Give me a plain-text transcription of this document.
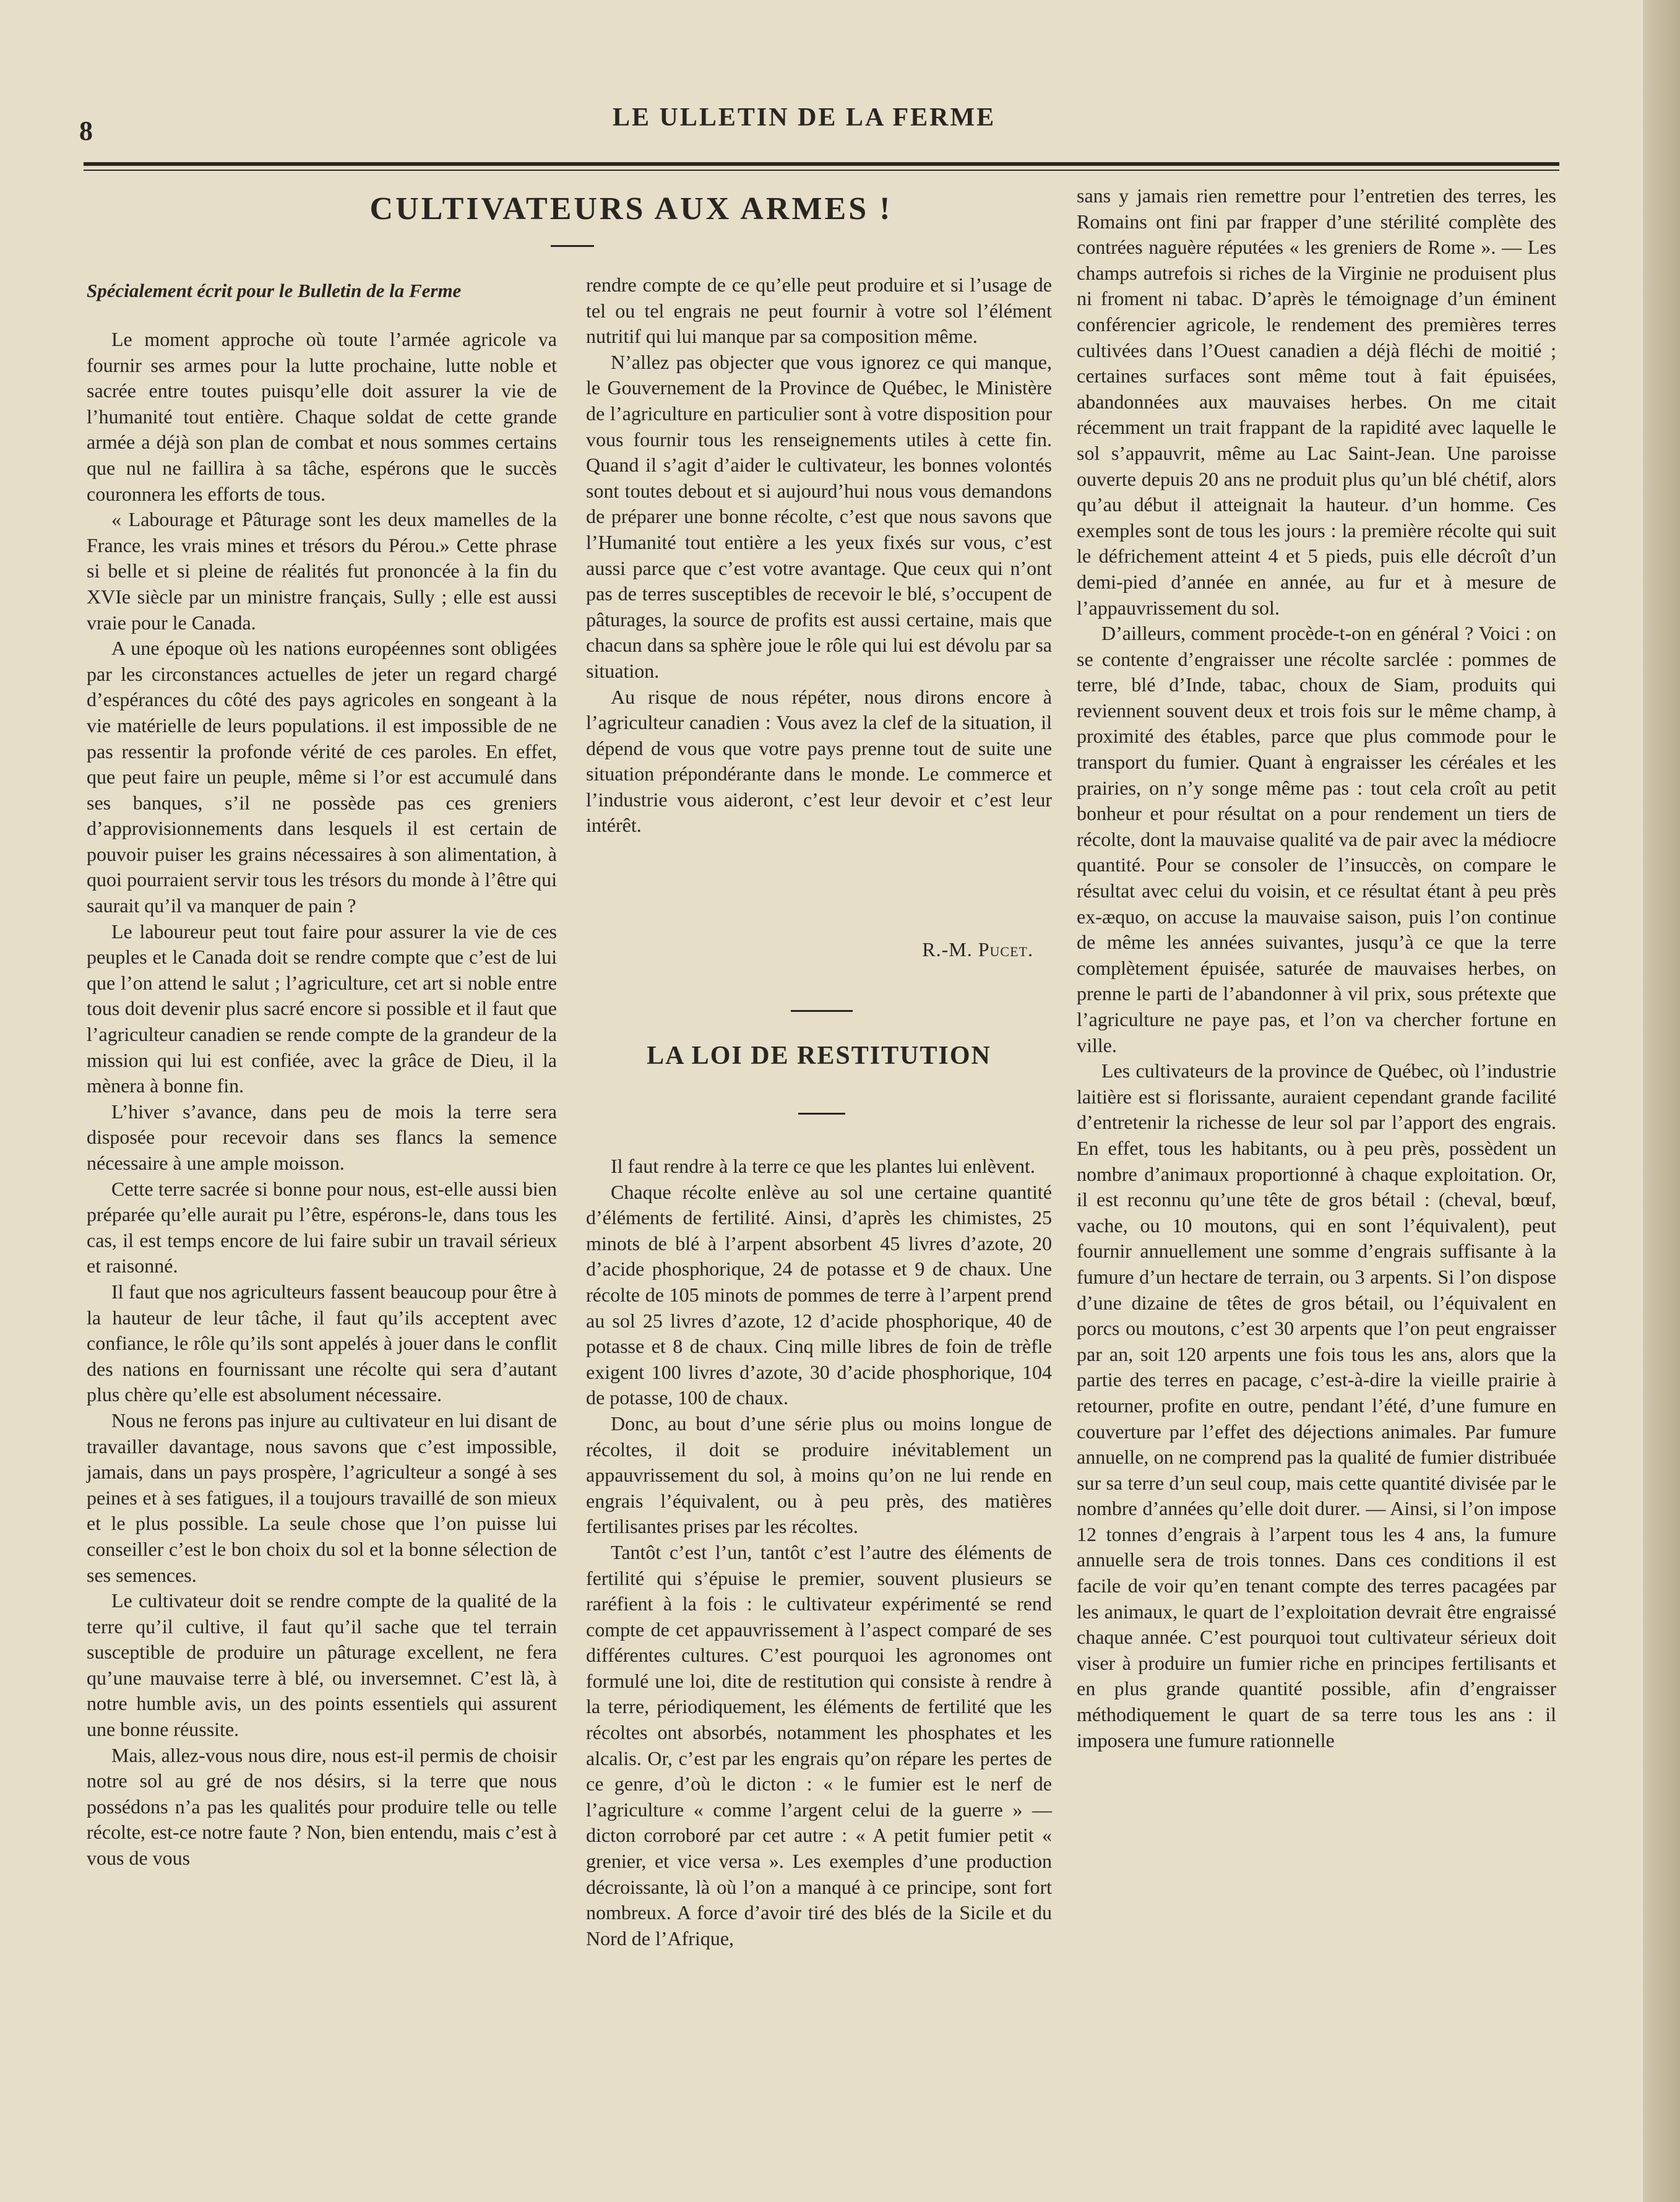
8	LE ULLETIN DE LA FERME
CULTIVATEURS AUX ARMES !
Spécialement écrit pour le Bulletin de la Ferme

Le moment approche où toute l’armée agricole va fournir ses armes pour la lutte prochaine, lutte noble et sacrée entre toutes puisqu’elle doit assurer la vie de l’humanité tout entière. Chaque soldat de cette grande armée a déjà son plan de combat et nous sommes certains que nul ne faillira à sa tâche, espérons que le succès couronnera les efforts de tous.

« Labourage et Pâturage sont les deux mamelles de la France, les vrais mines et trésors du Pérou.» Cette phrase si belle et si pleine de réalités fut prononcée à la fin du XVIe siècle par un ministre français, Sully ; elle est aussi vraie pour le Canada.

A une époque où les nations européennes sont obligées par les circonstances actuelles de jeter un regard chargé d’espérances du côté des pays agricoles en songeant à la vie matérielle de leurs populations. il est impossible de ne pas ressentir la profonde vérité de ces paroles. En effet, que peut faire un peuple, même si l’or est accumulé dans ses banques, s’il ne possède pas ces greniers d’approvisionnements dans lesquels il est certain de pouvoir puiser les grains nécessaires à son alimentation, à quoi pourraient servir tous les trésors du monde à l’être qui saurait qu’il va manquer de pain ?

Le laboureur peut tout faire pour assurer la vie de ces peuples et le Canada doit se rendre compte que c’est de lui que l’on attend le salut ; l’agriculture, cet art si noble entre tous doit devenir plus sacré encore si possible et il faut que l’agriculteur canadien se rende compte de la grandeur de la mission qui lui est confiée, avec la grâce de Dieu, il la mènera à bonne fin.

L’hiver s’avance, dans peu de mois la terre sera disposée pour recevoir dans ses flancs la semence nécessaire à une ample moisson.

Cette terre sacrée si bonne pour nous, est-elle aussi bien préparée qu’elle aurait pu l’être, espérons-le, dans tous les cas, il est temps encore de lui faire subir un travail sérieux et raisonné.

Il faut que nos agriculteurs fassent beaucoup pour être à la hauteur de leur tâche, il faut qu’ils acceptent avec confiance, le rôle qu’ils sont appelés à jouer dans le conflit des nations en fournissant une récolte qui sera d’autant plus chère qu’elle est absolument nécessaire.

Nous ne ferons pas injure au cultivateur en lui disant de travailler davantage, nous savons que c’est impossible, jamais, dans un pays prospère, l’agriculteur a songé à ses peines et à ses fatigues, il a toujours travaillé de son mieux et le plus possible. La seule chose que l’on puisse lui conseiller c’est le bon choix du sol et la bonne sélection de ses semences.

Le cultivateur doit se rendre compte de la qualité de la terre qu’il cultive, il faut qu’il sache que tel terrain susceptible de produire un pâturage excellent, ne fera qu’une mauvaise terre à blé, ou inversemnet. C’est là, à notre humble avis, un des points essentiels qui assurent une bonne réussite.

Mais, allez-vous nous dire, nous est-il permis de choisir notre sol au gré de nos désirs, si la terre que nous possédons n’a pas les qualités pour produire telle ou telle récolte, est-ce notre faute ? Non, bien entendu, mais c’est à vous de vous

rendre compte de ce qu’elle peut produire et si l’usage de tel ou tel engrais ne peut fournir à votre sol l’élément nutritif qui lui manque par sa composition même.

N’allez pas objecter que vous ignorez ce qui manque, le Gouvernement de la Province de Québec, le Ministère de l’agriculture en particulier sont à votre disposition pour vous fournir tous les renseignements utiles à cette fin. Quand il s’agit d’aider le cultivateur, les bonnes volontés sont toutes debout et si aujourd’hui nous vous demandons de préparer une bonne récolte, c’est que nous savons que l’Humanité tout entière a les yeux fixés sur vous, c’est aussi parce que c’est votre avantage. Que ceux qui n’ont pas de terres susceptibles de recevoir le blé, s’occupent de pâturages, la source de profits est aussi certaine, mais que chacun dans sa sphère joue le rôle qui lui est dévolu par sa situation.

Au risque de nous répéter, nous dirons encore à l’agriculteur canadien : Vous avez la clef de la situation, il dépend de vous que votre pays prenne tout de suite une situation prépondérante dans le monde. Le commerce et l’industrie vous aideront, c’est leur devoir et c’est leur intérêt.

R.-M. Pucet.
LA LOI DE RESTITUTION

Il faut rendre à la terre ce que les plantes lui enlèvent.

Chaque récolte enlève au sol une certaine quantité d’éléments de fertilité. Ainsi, d’après les chimistes, 25 minots de blé à l’arpent absorbent 45 livres d’azote, 20 d’acide phosphorique, 24 de potasse et 9 de chaux. Une récolte de 105 minots de pommes de terre à l’arpent prend au sol 25 livres d’azote, 12 d’acide phosphorique, 40 de potasse et 8 de chaux. Cinq mille libres de foin de trèfle exigent 100 livres d’azote, 30 d’acide phosphorique, 104 de potasse, 100 de chaux.

Donc, au bout d’une série plus ou moins longue de récoltes, il doit se produire inévitablement un appauvrissement du sol, à moins qu’on ne lui rende en engrais l’équivalent, ou à peu près, des matières fertilisantes prises par les récoltes.

Tantôt c’est l’un, tantôt c’est l’autre des éléments de fertilité qui s’épuise le premier, souvent plusieurs se raréfient à la fois : le cultivateur expérimenté se rend compte de cet appauvrissement à l’aspect comparé de ses différentes cultures. C’est pourquoi les agronomes ont formulé une loi, dite de restitution qui consiste à rendre à la terre, périodiquement, les éléments de fertilité que les récoltes ont absorbés, notamment les phosphates et les alcalis. Or, c’est par les engrais qu’on répare les pertes de ce genre, d’où le dicton : « le fumier est le nerf de l’agriculture « comme l’argent celui de la guerre » — dicton corroboré par cet autre : « A petit fumier petit « grenier, et vice versa ». Les exemples d’une production décroissante, là où l’on a manqué à ce principe, sont fort nombreux. A force d’avoir tiré des blés de la Sicile et du Nord de l’Afrique,

sans y jamais rien remettre pour l’entretien des terres, les Romains ont fini par frapper d’une stérilité complète des contrées naguère réputées « les greniers de Rome ». — Les champs autrefois si riches de la Virginie ne produisent plus ni froment ni tabac. D’après le témoignage d’un éminent conférencier agricole, le rendement des premières terres cultivées dans l’Ouest canadien a déjà fléchi de moitié ; certaines surfaces sont même tout à fait épuisées, abandonnées aux mauvaises herbes. On me citait récemment un trait frappant de la rapidité avec laquelle le sol s’appauvrit, même au Lac Saint-Jean. Une paroisse ouverte depuis 20 ans ne produit plus qu’un blé chétif, alors qu’au début il atteignait la hauteur. d’un homme. Ces exemples sont de tous les jours : la première récolte qui suit le défrichement atteint 4 et 5 pieds, puis elle décroît d’un demi-pied d’année en année, au fur et à mesure de l’appauvrissement du sol.

D’ailleurs, comment procède-t-on en général ? Voici : on se contente d’engraisser une récolte sarclée : pommes de terre, blé d’Inde, tabac, choux de Siam, produits qui reviennent souvent deux et trois fois sur le même champ, à proximité des étables, parce que plus commode pour le transport du fumier. Quant à engraisser les céréales et les prairies, on n’y songe même pas : tout cela croît au petit bonheur et pour résultat on a pour rendement un tiers de récolte, dont la mauvaise qualité va de pair avec la médiocre quantité. Pour se consoler de l’insuccès, on compare le résultat avec celui du voisin, et ce résultat étant à peu près ex-æquo, on accuse la mauvaise saison, puis l’on continue de même les années suivantes, jusqu’à ce que la terre complètement épuisée, saturée de mauvaises herbes, on prenne le parti de l’abandonner à vil prix, sous prétexte que l’agriculture ne paye pas, et l’on va chercher fortune en ville.

Les cultivateurs de la province de Québec, où l’industrie laitière est si florissante, auraient cependant grande facilité d’entretenir la richesse de leur sol par l’apport des engrais. En effet, tous les habitants, ou à peu près, possèdent un nombre d’animaux proportionné à chaque exploitation. Or, il est reconnu qu’une tête de gros bétail : (cheval, bœuf, vache, ou 10 moutons, qui en sont l’équivalent), peut fournir annuellement une somme d’engrais suffisante à la fumure d’un hectare de terrain, ou 3 arpents. Si l’on dispose d’une dizaine de têtes de gros bétail, ou l’équivalent en porcs ou moutons, c’est 30 arpents que l’on peut engraisser par an, soit 120 arpents une fois tous les ans, alors que la partie des terres en pacage, c’est-à-dire la vieille prairie à retourner, profite en outre, pendant l’été, d’une fumure en couverture par l’effet des déjections animales. Par fumure annuelle, on ne comprend pas la qualité de fumier distribuée sur sa terre d’un seul coup, mais cette quantité divisée par le nombre d’années qu’elle doit durer. — Ainsi, si l’on impose 12 tonnes d’engrais à l’arpent tous les 4 ans, la fumure annuelle sera de trois tonnes. Dans ces conditions il est facile de voir qu’en tenant compte des terres pacagées par les animaux, le quart de l’exploitation devrait être engraissé chaque année. C’est pourquoi tout cultivateur sérieux doit viser à produire un fumier riche en principes fertilisants et en plus grande quantité possible, afin d’engraisser méthodiquement le quart de sa terre tous les ans : il imposera une fumure rationnelle
